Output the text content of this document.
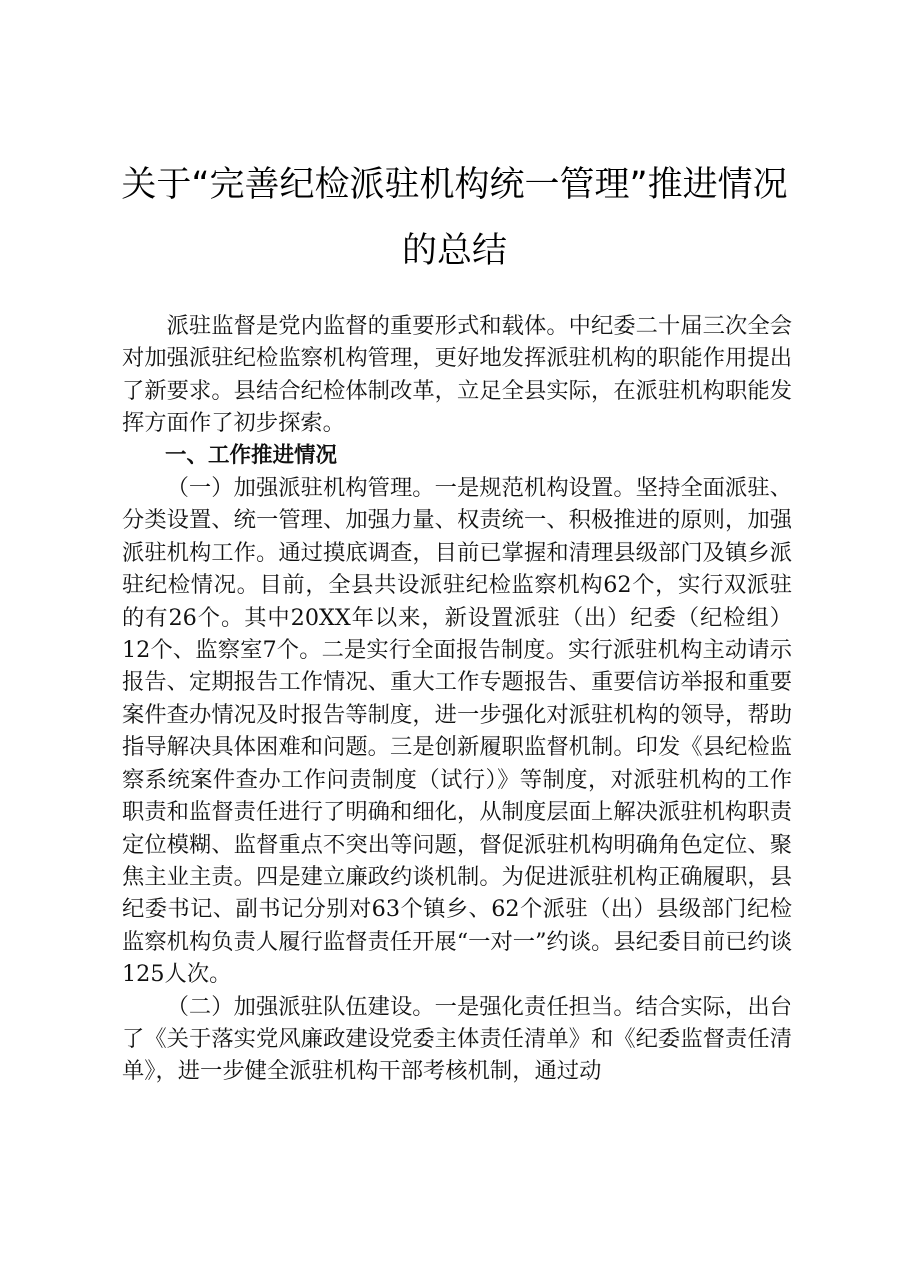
关于“完善纪检派驻机构统一管理”推进情况
的总结

派驻监督是党内监督的重要形式和载体。中纪委二十届三次全会对加强派驻纪检监察机构管理，更好地发挥派驻机构的职能作用提出了新要求。县结合纪检体制改革，立足全县实际，在派驻机构职能发挥方面作了初步探索。

一、工作推进情况

（一）加强派驻机构管理。一是规范机构设置。坚持全面派驻、分类设置、统一管理、加强力量、权责统一、积极推进的原则，加强派驻机构工作。通过摸底调查，目前已掌握和清理县级部门及镇乡派驻纪检情况。目前，全县共设派驻纪检监察机构62个，实行双派驻的有26个。其中20XX年以来，新设置派驻（出）纪委（纪检组）12个、监察室7个。二是实行全面报告制度。实行派驻机构主动请示报告、定期报告工作情况、重大工作专题报告、重要信访举报和重要案件查办情况及时报告等制度，进一步强化对派驻机构的领导，帮助指导解决具体困难和问题。三是创新履职监督机制。印发《县纪检监察系统案件查办工作问责制度（试行）》等制度，对派驻机构的工作职责和监督责任进行了明确和细化，从制度层面上解决派驻机构职责定位模糊、监督重点不突出等问题，督促派驻机构明确角色定位、聚焦主业主责。四是建立廉政约谈机制。为促进派驻机构正确履职，县纪委书记、副书记分别对63个镇乡、62个派驻（出）县级部门纪检监察机构负责人履行监督责任开展“一对一”约谈。县纪委目前已约谈125人次。

（二）加强派驻队伍建设。一是强化责任担当。结合实际，出台了《关于落实党风廉政建设党委主体责任清单》和《纪委监督责任清单》，进一步健全派驻机构干部考核机制，通过动
